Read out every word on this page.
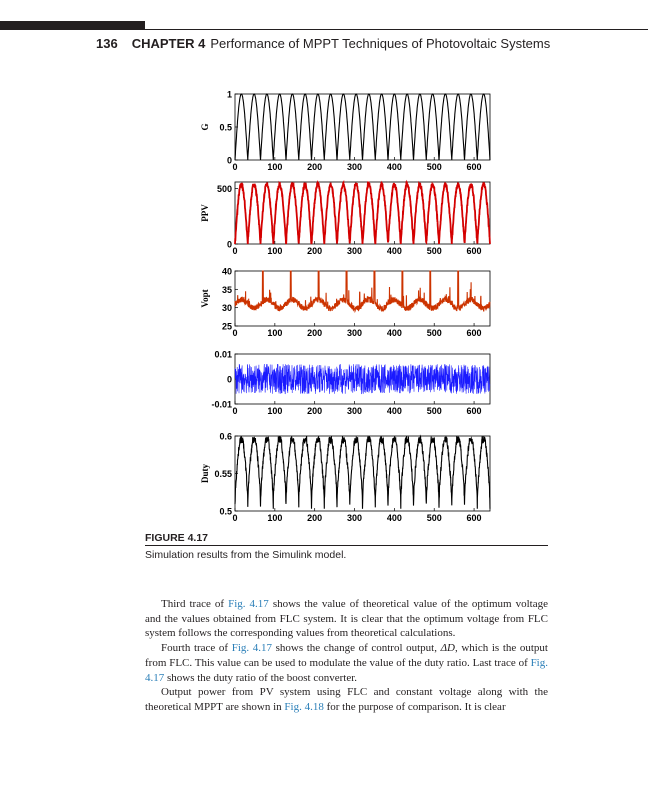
136 CHAPTER 4 Performance of MPPT Techniques of Photovoltaic Systems
0	100	200	300	400	500	600
0
0.5
1
G
0	100	200	300	400	500	600
0
500
PPV
0	100	200	300	400	500	600
25
30
35
40
Vopt
0	100	200	300	400	500	600
-0.01
0
0.01
0	100	200	300	400	500	600
0.5
0.55
0.6
Duty
FIGURE 4.17
Simulation results from the Simulink model.

Third trace of Fig. 4.17 shows the value of theoretical value of the optimum voltage and the values obtained from FLC system. It is clear that the optimum voltage from FLC system follows the corresponding values from theoretical calculations.

Fourth trace of Fig. 4.17 shows the change of control output, ΔD, which is the output from FLC. This value can be used to modulate the value of the duty ratio. Last trace of Fig. 4.17 shows the duty ratio of the boost converter.

Output power from PV system using FLC and constant voltage along with the theoretical MPPT are shown in Fig. 4.18 for the purpose of comparison. It is clear
